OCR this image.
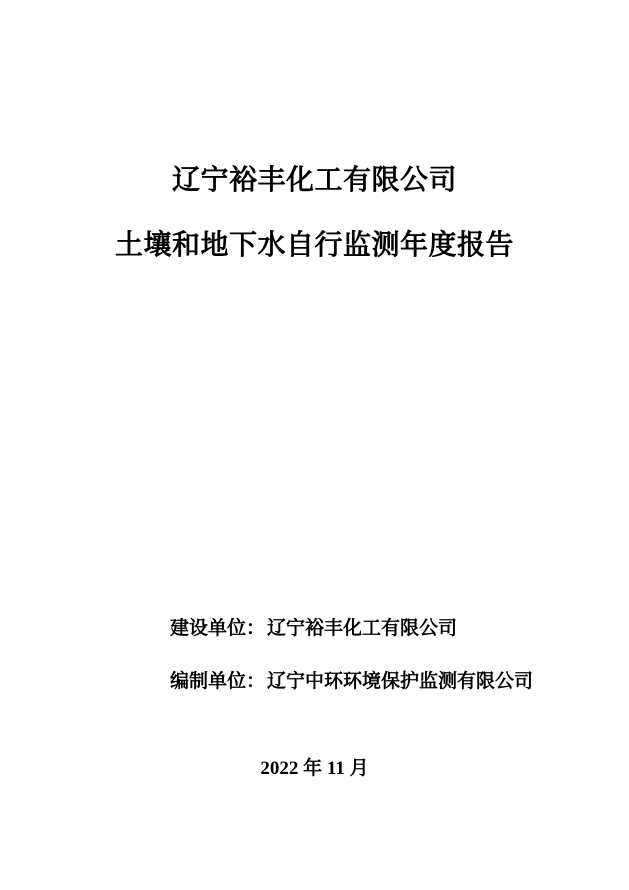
辽宁裕丰化工有限公司
土壤和地下水自行监测年度报告
建设单位： 辽宁裕丰化工有限公司
编制单位： 辽宁中环环境保护监测有限公司
2022 年 11 月
